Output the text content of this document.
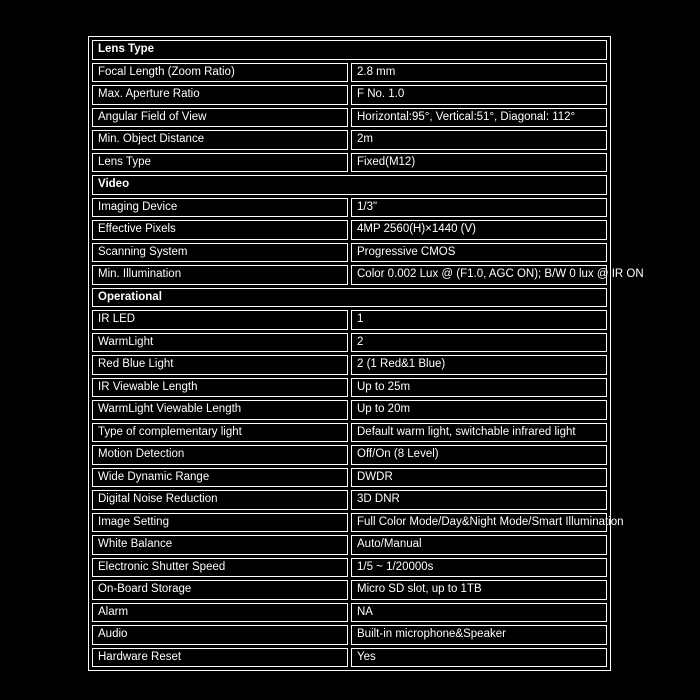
Lens Type	
Focal Length (Zoom Ratio)	2.8 mm
Max. Aperture Ratio	F No. 1.0
Angular Field of View	Horizontal:95°, Vertical:51°, Diagonal: 112°
Min. Object Distance	2m
Lens Type	Fixed(M12)
Video	
Imaging Device	1/3"
Effective Pixels	4MP 2560(H)×1440 (V)
Scanning System	Progressive CMOS
Min. Illumination	Color 0.002 Lux @ (F1.0, AGC ON); B/W 0 lux @ IR ON
Operational	
IR LED	1
WarmLight	2
Red Blue Light	2 (1 Red&1 Blue)
IR Viewable Length	Up to 25m
WarmLight Viewable Length	Up to 20m
Type of complementary light	Default warm light, switchable infrared light
Motion Detection	Off/On (8 Level)
Wide Dynamic Range	DWDR
Digital Noise Reduction	3D DNR
Image Setting	Full Color Mode/Day&Night Mode/Smart Illumination
White Balance	Auto/Manual
Electronic Shutter Speed	1/5 ~ 1/20000s
On-Board Storage	Micro SD slot, up to 1TB
Alarm	NA
Audio	Built-in microphone&Speaker
Hardware Reset	Yes
